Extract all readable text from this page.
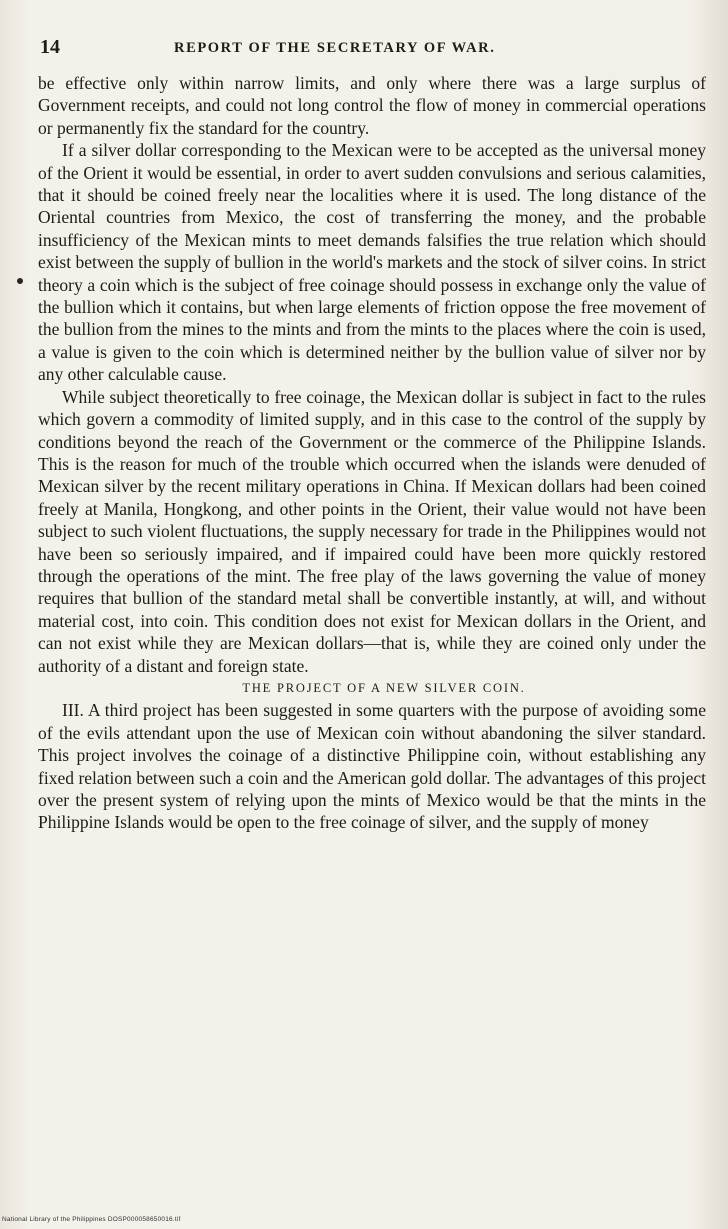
14	REPORT OF THE SECRETARY OF WAR.

be effective only within narrow limits, and only where there was a large surplus of Government receipts, and could not long control the flow of money in commercial operations or permanently fix the standard for the country.

If a silver dollar corresponding to the Mexican were to be accepted as the universal money of the Orient it would be essential, in order to avert sudden convulsions and serious calamities, that it should be coined freely near the localities where it is used. The long distance of the Oriental countries from Mexico, the cost of transferring the money, and the probable insufficiency of the Mexican mints to meet demands falsifies the true relation which should exist between the supply of bullion in the world's markets and the stock of silver coins. In strict theory a coin which is the subject of free coinage should possess in exchange only the value of the bullion which it contains, but when large elements of friction oppose the free movement of the bullion from the mines to the mints and from the mints to the places where the coin is used, a value is given to the coin which is determined neither by the bullion value of silver nor by any other calculable cause.

While subject theoretically to free coinage, the Mexican dollar is subject in fact to the rules which govern a commodity of limited supply, and in this case to the control of the supply by conditions beyond the reach of the Government or the commerce of the Philippine Islands. This is the reason for much of the trouble which occurred when the islands were denuded of Mexican silver by the recent military operations in China. If Mexican dollars had been coined freely at Manila, Hongkong, and other points in the Orient, their value would not have been subject to such violent fluctuations, the supply necessary for trade in the Philippines would not have been so seriously impaired, and if impaired could have been more quickly restored through the operations of the mint. The free play of the laws governing the value of money requires that bullion of the standard metal shall be convertible instantly, at will, and without material cost, into coin. This condition does not exist for Mexican dollars in the Orient, and can not exist while they are Mexican dollars—that is, while they are coined only under the authority of a distant and foreign state.

THE PROJECT OF A NEW SILVER COIN.

III. A third project has been suggested in some quarters with the purpose of avoiding some of the evils attendant upon the use of Mexican coin without abandoning the silver standard. This project involves the coinage of a distinctive Philippine coin, without establishing any fixed relation between such a coin and the American gold dollar. The advantages of this project over the present system of relying upon the mints of Mexico would be that the mints in the Philippine Islands would be open to the free coinage of silver, and the supply of money

National Library of the Philippines DOSP000058650016.tif
